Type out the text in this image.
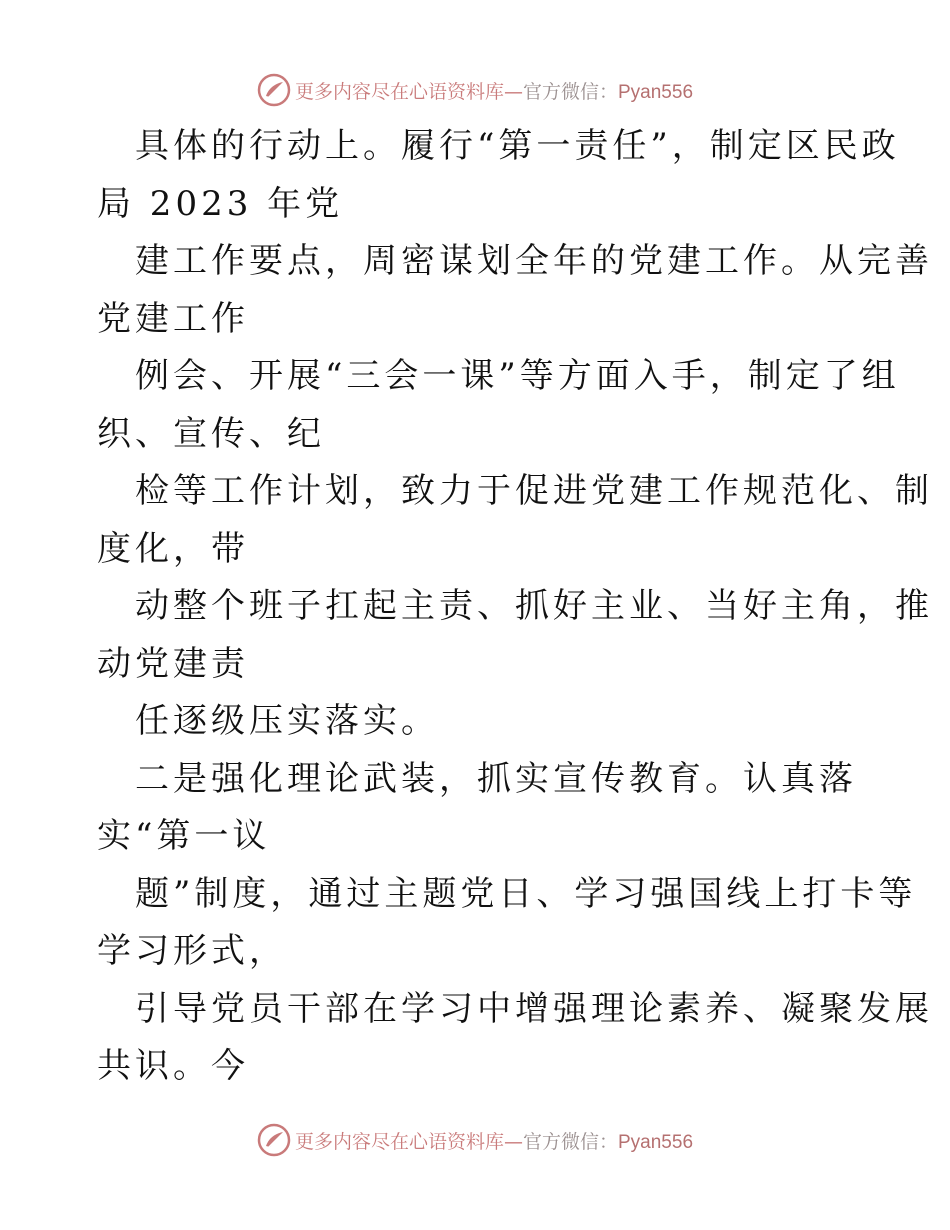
更多内容尽在心语资料库—官方微信：Pyan556
具体的行动上。履行“第一责任”，制定区民政
局 2023 年党
建工作要点，周密谋划全年的党建工作。从完善
党建工作
例会、开展“三会一课”等方面入手，制定了组
织、宣传、纪
检等工作计划，致力于促进党建工作规范化、制
度化，带
动整个班子扛起主责、抓好主业、当好主角，推
动党建责
任逐级压实落实。
二是强化理论武装，抓实宣传教育。认真落
实“第一议
题”制度，通过主题党日、学习强国线上打卡等
学习形式，
引导党员干部在学习中增强理论素养、凝聚发展
共识。今
更多内容尽在心语资料库—官方微信：Pyan556
